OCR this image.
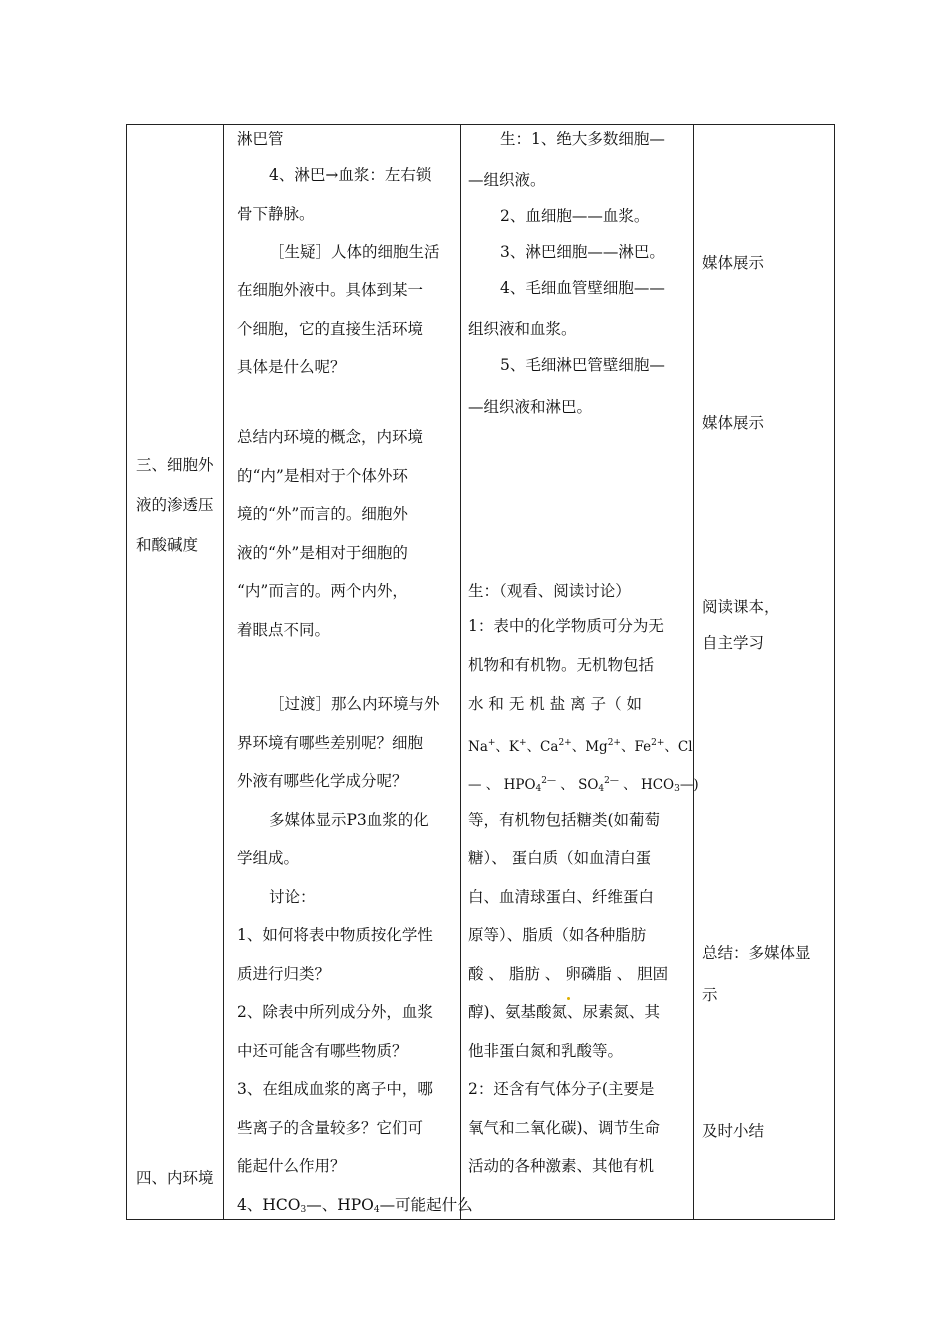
三、细胞外
液的渗透压
和酸碱度
四、内环境
淋巴管
4、淋巴→血浆：左右锁
骨下静脉。
［生疑］人体的细胞生活
在细胞外液中。具体到某一
个细胞，它的直接生活环境
具体是什么呢？
总结内环境的概念，内环境
的“内”是相对于个体外环
境的“外”而言的。细胞外
液的“外”是相对于细胞的
“内”而言的。两个内外，
着眼点不同。
［过渡］那么内环境与外
界环境有哪些差别呢？细胞
外液有哪些化学成分呢？
多媒体显示P3血浆的化
学组成。
讨论：
1、如何将表中物质按化学性
质进行归类？
2、除表中所列成分外，血浆
中还可能含有哪些物质？
3、在组成血浆的离子中，哪
些离子的含量较多？它们可
能起什么作用？
4、$HCO_3—$、$HPO_4—$可能起什么
生：1、绝大多数细胞—
—组织液。
2、血细胞——血浆。
3、淋巴细胞——淋巴。
4、毛细血管壁细胞——
组织液和血浆。
5、毛细淋巴管壁细胞—
—组织液和淋巴。
生：（观看、阅读讨论）
1：表中的化学物质可分为无
机物和有机物。无机物包括
水 和 无 机 盐 离 子（ 如
Na+、K+、$Ca^{2+}$、$Mg^{2+}$、$Fe^{2+}$、Cl
— 、 $HPO_4^{2—}$ 、 $SO_4^{2—}$ 、 $HCO_3—$)
等，有机物包括糖类(如葡萄
糖）、 蛋白质（如血清白蛋
白、血清球蛋白、纤维蛋白
原等）、脂质（如各种脂肪
酸 、 脂肪 、 卵磷脂 、 胆固
醇)、氨基酸氮、尿素氮、其
他非蛋白氮和乳酸等。
2：还含有气体分子(主要是
氧气和二氧化碳)、调节生命
活动的各种激素、其他有机
媒体展示
媒体展示
阅读课本，
自主学习
总结：多媒体显
示
及时小结
